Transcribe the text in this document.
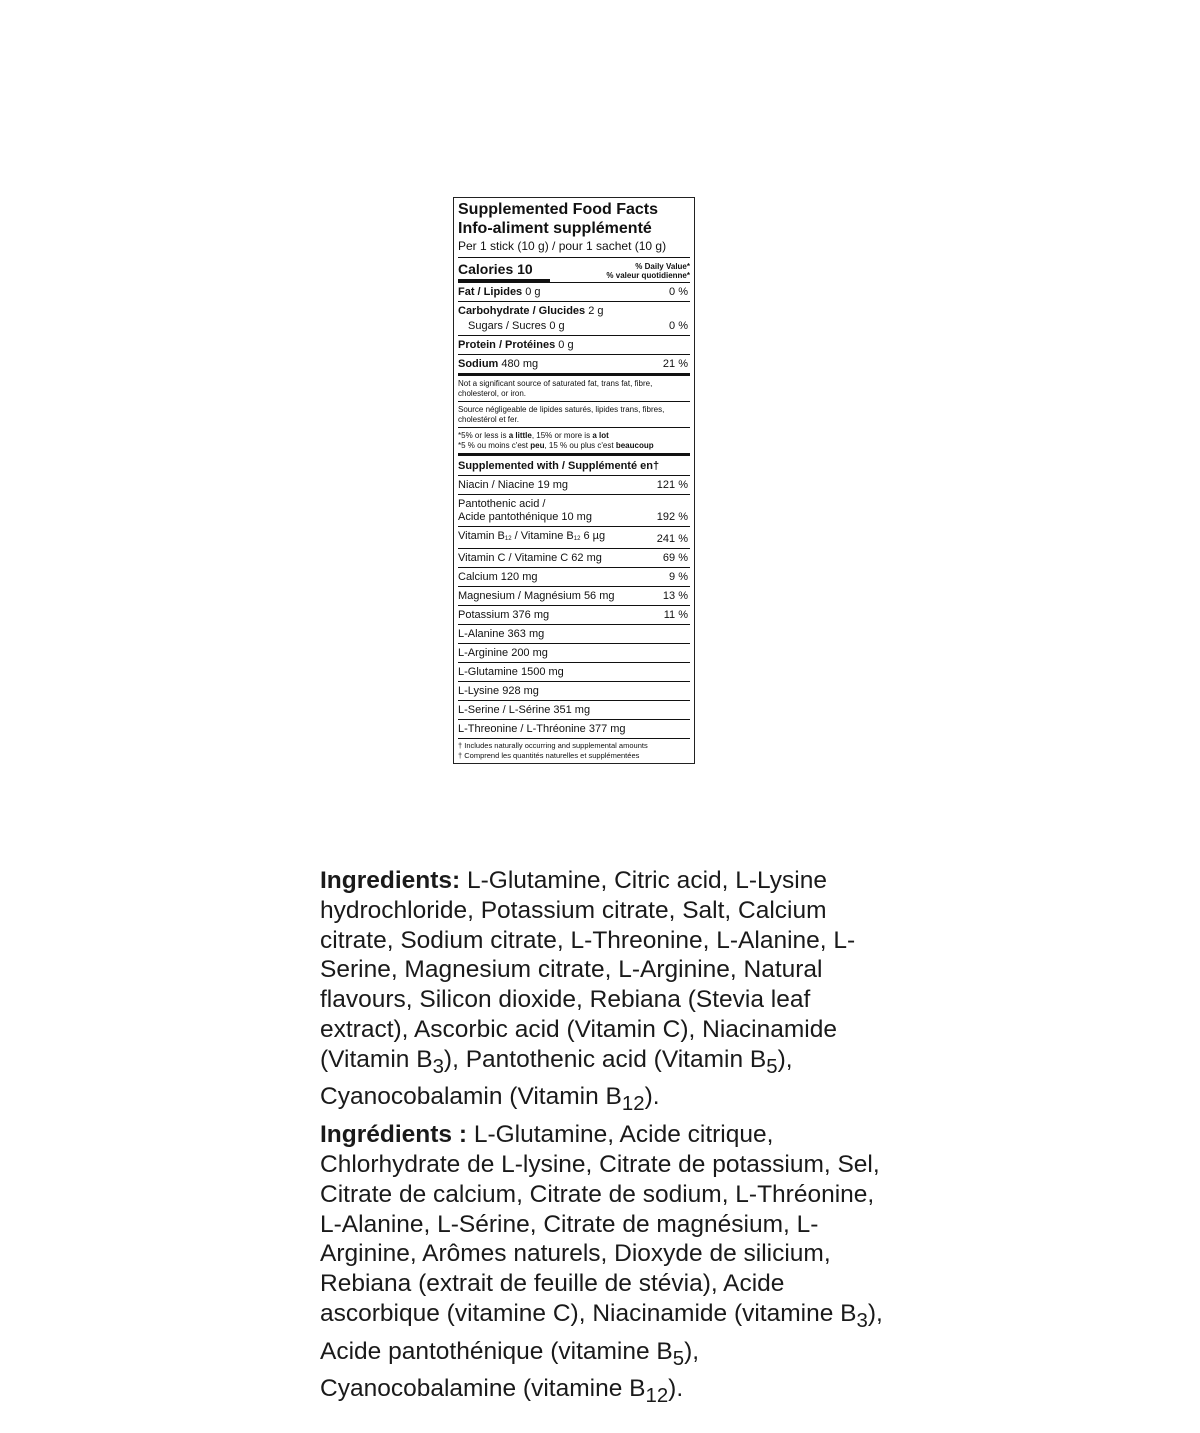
Supplemented Food Facts
Info-aliment supplémenté
Per 1 stick (10 g) / pour 1 sachet (10 g)
Calories 10	% Daily Value*
% valeur quotidienne*
Fat / Lipides 0 g	0 %
Carbohydrate / Glucides 2 g
Sugars / Sucres 0 g	0 %
Protein / Protéines 0 g
Sodium 480 mg	21 %
Not a significant source of saturated fat, trans fat, fibre, cholesterol, or iron.
Source négligeable de lipides saturés, lipides trans, fibres, cholestérol et fer.
*5% or less is a little, 15% or more is a lot
*5 % ou moins c'est peu, 15 % ou plus c'est beaucoup
Supplemented with / Supplémenté en†
Niacin / Niacine 19 mg	121 %
Pantothenic acid /
Acide pantothénique 10 mg	192 %
Vitamin $B_{12}$ / Vitamine $B_{12}$ 6 µg	241 %
Vitamin C / Vitamine C 62 mg	69 %
Calcium 120 mg	9 %
Magnesium / Magnésium 56 mg	13 %
Potassium 376 mg	11 %
L-Alanine 363 mg
L-Arginine 200 mg
L-Glutamine 1500 mg
L-Lysine 928 mg
L-Serine / L-Sérine 351 mg
L-Threonine / L-Thréonine 377 mg
† Includes naturally occurring and supplemental amounts
† Comprend les quantités naturelles et supplémentées

Ingredients: L-Glutamine, Citric acid, L-Lysine hydrochloride, Potassium citrate, Salt, Calcium citrate, Sodium citrate, L-Threonine, L-Alanine, L-Serine, Magnesium citrate, L-Arginine, Natural flavours, Silicon dioxide, Rebiana (Stevia leaf extract), Ascorbic acid (Vitamin C), Niacinamide (Vitamin $B_3$), Pantothenic acid (Vitamin $B_5$), Cyanocobalamin (Vitamin $B_{12}$).

Ingrédients : L-Glutamine, Acide citrique, Chlorhydrate de L-lysine, Citrate de potassium, Sel, Citrate de calcium, Citrate de sodium, L-Thréonine, L-Alanine, L-Sérine, Citrate de magnésium, L-Arginine, Arômes naturels, Dioxyde de silicium, Rebiana (extrait de feuille de stévia), Acide ascorbique (vitamine C), Niacinamide (vitamine $B_3$), Acide pantothénique (vitamine $B_5$), Cyanocobalamine (vitamine $B_{12}$).
